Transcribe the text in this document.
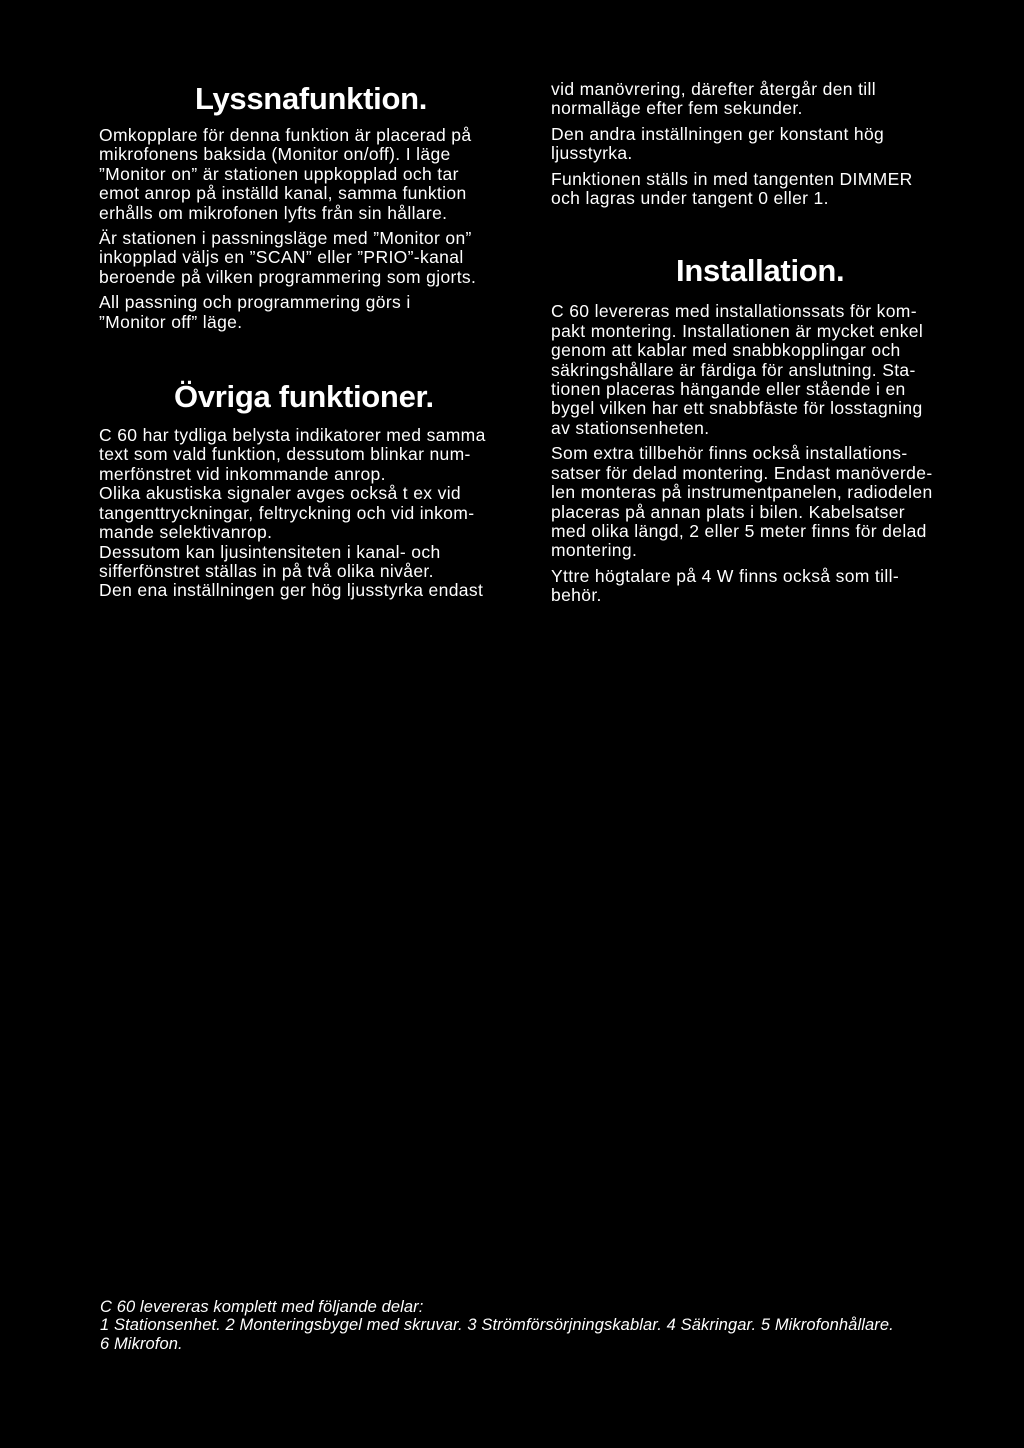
Lyssnafunktion.

Omkopplare för denna funktion är placerad på
mikrofonens baksida (Monitor on/off). I läge
”Monitor on” är stationen uppkopplad och tar
emot anrop på inställd kanal, samma funktion
erhålls om mikrofonen lyfts från sin hållare.

Är stationen i passningsläge med ”Monitor on”
inkopplad väljs en ”SCAN” eller ”PRIO”-kanal
beroende på vilken programmering som gjorts.

All passning och programmering görs i
”Monitor off” läge.

Övriga funktioner.

C 60 har tydliga belysta indikatorer med samma
text som vald funktion, dessutom blinkar num-
merfönstret vid inkommande anrop.

Olika akustiska signaler avges också t ex vid
tangenttryckningar, feltryckning och vid inkom-
mande selektivanrop.

Dessutom kan ljusintensiteten i kanal- och
sifferfönstret ställas in på två olika nivåer.
Den ena inställningen ger hög ljusstyrka endast

vid manövrering, därefter återgår den till
normalläge efter fem sekunder.

Den andra inställningen ger konstant hög
ljusstyrka.

Funktionen ställs in med tangenten DIMMER
och lagras under tangent 0 eller 1.

Installation.

C 60 levereras med installationssats för kom-
pakt montering. Installationen är mycket enkel
genom att kablar med snabbkopplingar och
säkringshållare är färdiga för anslutning. Sta-
tionen placeras hängande eller stående i en
bygel vilken har ett snabbfäste för losstagning
av stationsenheten.

Som extra tillbehör finns också installations-
satser för delad montering. Endast manöverde-
len monteras på instrumentpanelen, radiodelen
placeras på annan plats i bilen. Kabelsatser
med olika längd, 2 eller 5 meter finns för delad
montering.

Yttre högtalare på 4 W finns också som till-
behör.

C 60 levereras komplett med följande delar:

1 Stationsenhet. 2 Monteringsbygel med skruvar. 3 Strömförsörjningskablar. 4 Säkringar. 5 Mikrofonhållare.
6 Mikrofon.
